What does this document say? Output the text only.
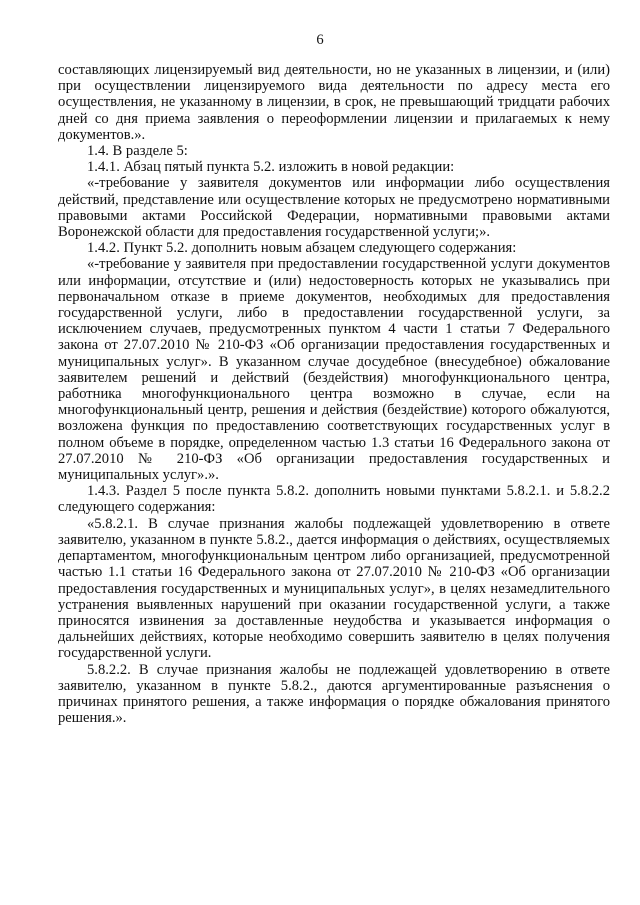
6

составляющих лицензируемый вид деятельности, но не указанных в лицензии, и (или) при осуществлении лицензируемого вида деятельности по адресу места его осуществления, не указанному в лицензии, в срок, не превышающий тридцати рабочих дней со дня приема заявления о переоформлении лицензии и прилагаемых к нему документов.».

1.4. В разделе 5:

1.4.1. Абзац пятый пункта 5.2. изложить в новой редакции:

«-требование у заявителя документов или информации либо осуществления действий, представление или осуществление которых не предусмотрено нормативными правовыми актами Российской Федерации, нормативными правовыми актами Воронежской области для предоставления государственной услуги;».

1.4.2. Пункт 5.2. дополнить новым абзацем следующего содержания:

«-требование у заявителя при предоставлении государственной услуги документов или информации, отсутствие и (или) недостоверность которых не указывались при первоначальном отказе в приеме документов, необходимых для предоставления государственной услуги, либо в предоставлении государственной услуги, за исключением случаев, предусмотренных пунктом 4 части 1 статьи 7 Федерального закона от 27.07.2010 № 210-ФЗ «Об организации предоставления государственных и муниципальных услуг». В указанном случае досудебное (внесудебное) обжалование заявителем решений и действий (бездействия) многофункционального центра, работника многофункционального центра возможно в случае, если на многофункциональный центр, решения и действия (бездействие) которого обжалуются, возложена функция по предоставлению соответствующих государственных услуг в полном объеме в порядке, определенном частью 1.3 статьи 16 Федерального закона от 27.07.2010 № 210-ФЗ «Об организации предоставления государственных и муниципальных услуг».».

1.4.3. Раздел 5 после пункта 5.8.2. дополнить новыми пунктами 5.8.2.1. и 5.8.2.2 следующего содержания:

«5.8.2.1. В случае признания жалобы подлежащей удовлетворению в ответе заявителю, указанном в пункте 5.8.2., дается информация о действиях, осуществляемых департаментом, многофункциональным центром либо организацией, предусмотренной частью 1.1 статьи 16 Федерального закона от 27.07.2010 № 210-ФЗ «Об организации предоставления государственных и муниципальных услуг», в целях незамедлительного устранения выявленных нарушений при оказании государственной услуги, а также приносятся извинения за доставленные неудобства и указывается информация о дальнейших действиях, которые необходимо совершить заявителю в целях получения государственной услуги.

5.8.2.2. В случае признания жалобы не подлежащей удовлетворению в ответе заявителю, указанном в пункте 5.8.2., даются аргументированные разъяснения о причинах принятого решения, а также информация о порядке обжалования принятого решения.».
